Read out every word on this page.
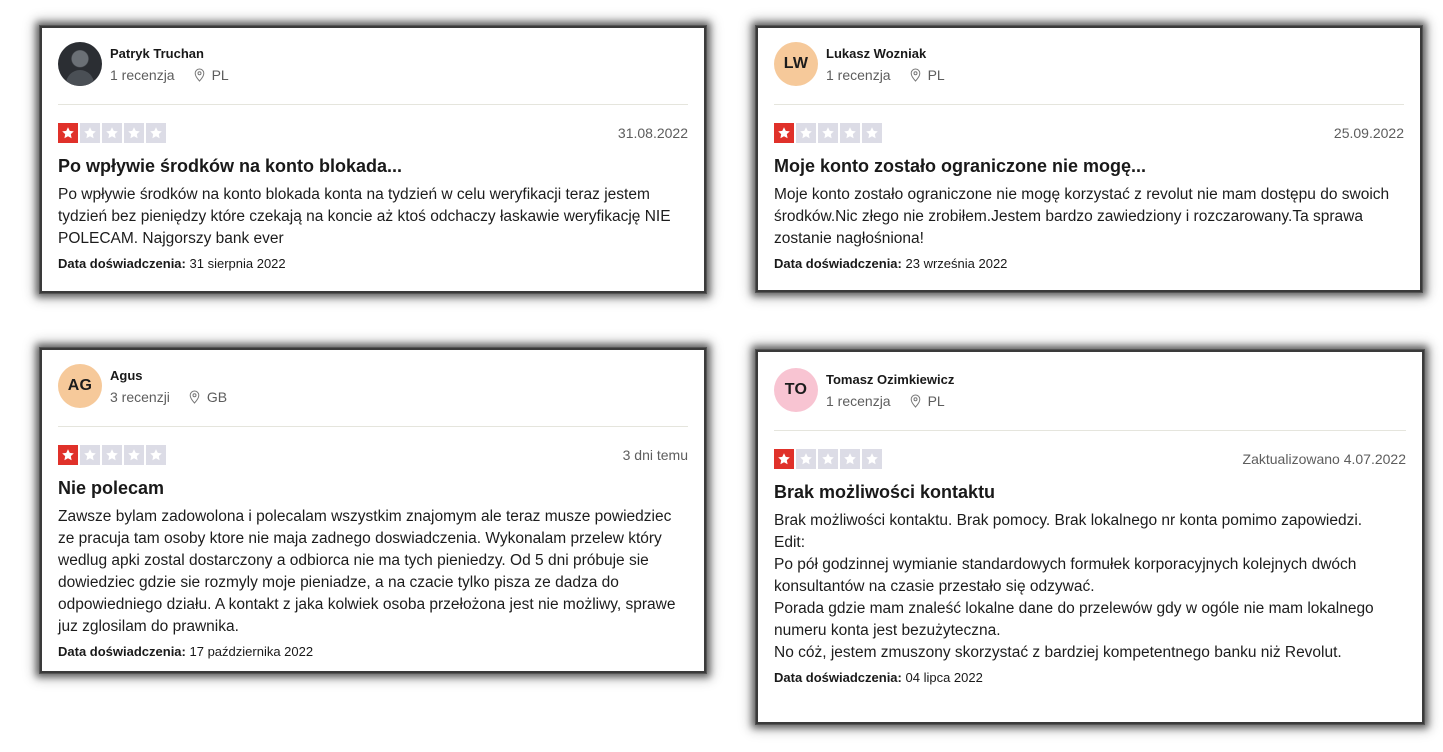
Patryk Truchan
1 recenzja	PL
31.08.2022
Po wpływie środków na konto blokada...
Po wpływie środków na konto blokada konta na tydzień w celu weryfikacji teraz jestem tydzień bez pieniędzy które czekają na koncie aż ktoś odchaczy łaskawie weryfikację NIE POLECAM. Najgorszy bank ever
Data doświadczenia: 31 sierpnia 2022
LW
Lukasz Wozniak
1 recenzja	PL
25.09.2022
Moje konto zostało ograniczone nie mogę...
Moje konto zostało ograniczone nie mogę korzystać z revolut nie mam dostępu do swoich środków.Nic złego nie zrobiłem.Jestem bardzo zawiedziony i rozczarowany.Ta sprawa zostanie nagłośniona!
Data doświadczenia: 23 września 2022
AG
Agus
3 recenzji	GB
3 dni temu
Nie polecam
Zawsze bylam zadowolona i polecalam wszystkim znajomym ale teraz musze powiedziec ze pracuja tam osoby ktore nie maja zadnego doswiadczenia. Wykonalam przelew który wedlug apki zostal dostarczony a odbiorca nie ma tych pieniedzy. Od 5 dni próbuje sie dowiedziec gdzie sie rozmyly moje pieniadze, a na czacie tylko pisza ze dadza do odpowiedniego działu. A kontakt z jaka kolwiek osoba przełożona jest nie możliwy, sprawe juz zglosilam do prawnika.
Data doświadczenia: 17 października 2022
TO
Tomasz Ozimkiewicz
1 recenzja	PL
Zaktualizowano 4.07.2022
Brak możliwości kontaktu
Brak możliwości kontaktu. Brak pomocy. Brak lokalnego nr konta pomimo zapowiedzi.
Edit:
Po pół godzinnej wymianie standardowych formułek korporacyjnych kolejnych dwóch konsultantów na czasie przestało się odzywać.
Porada gdzie mam znaleść lokalne dane do przelewów gdy w ogóle nie mam lokalnego numeru konta jest bezużyteczna.
No cóż, jestem zmuszony skorzystać z bardziej kompetentnego banku niż Revolut.
Data doświadczenia: 04 lipca 2022
